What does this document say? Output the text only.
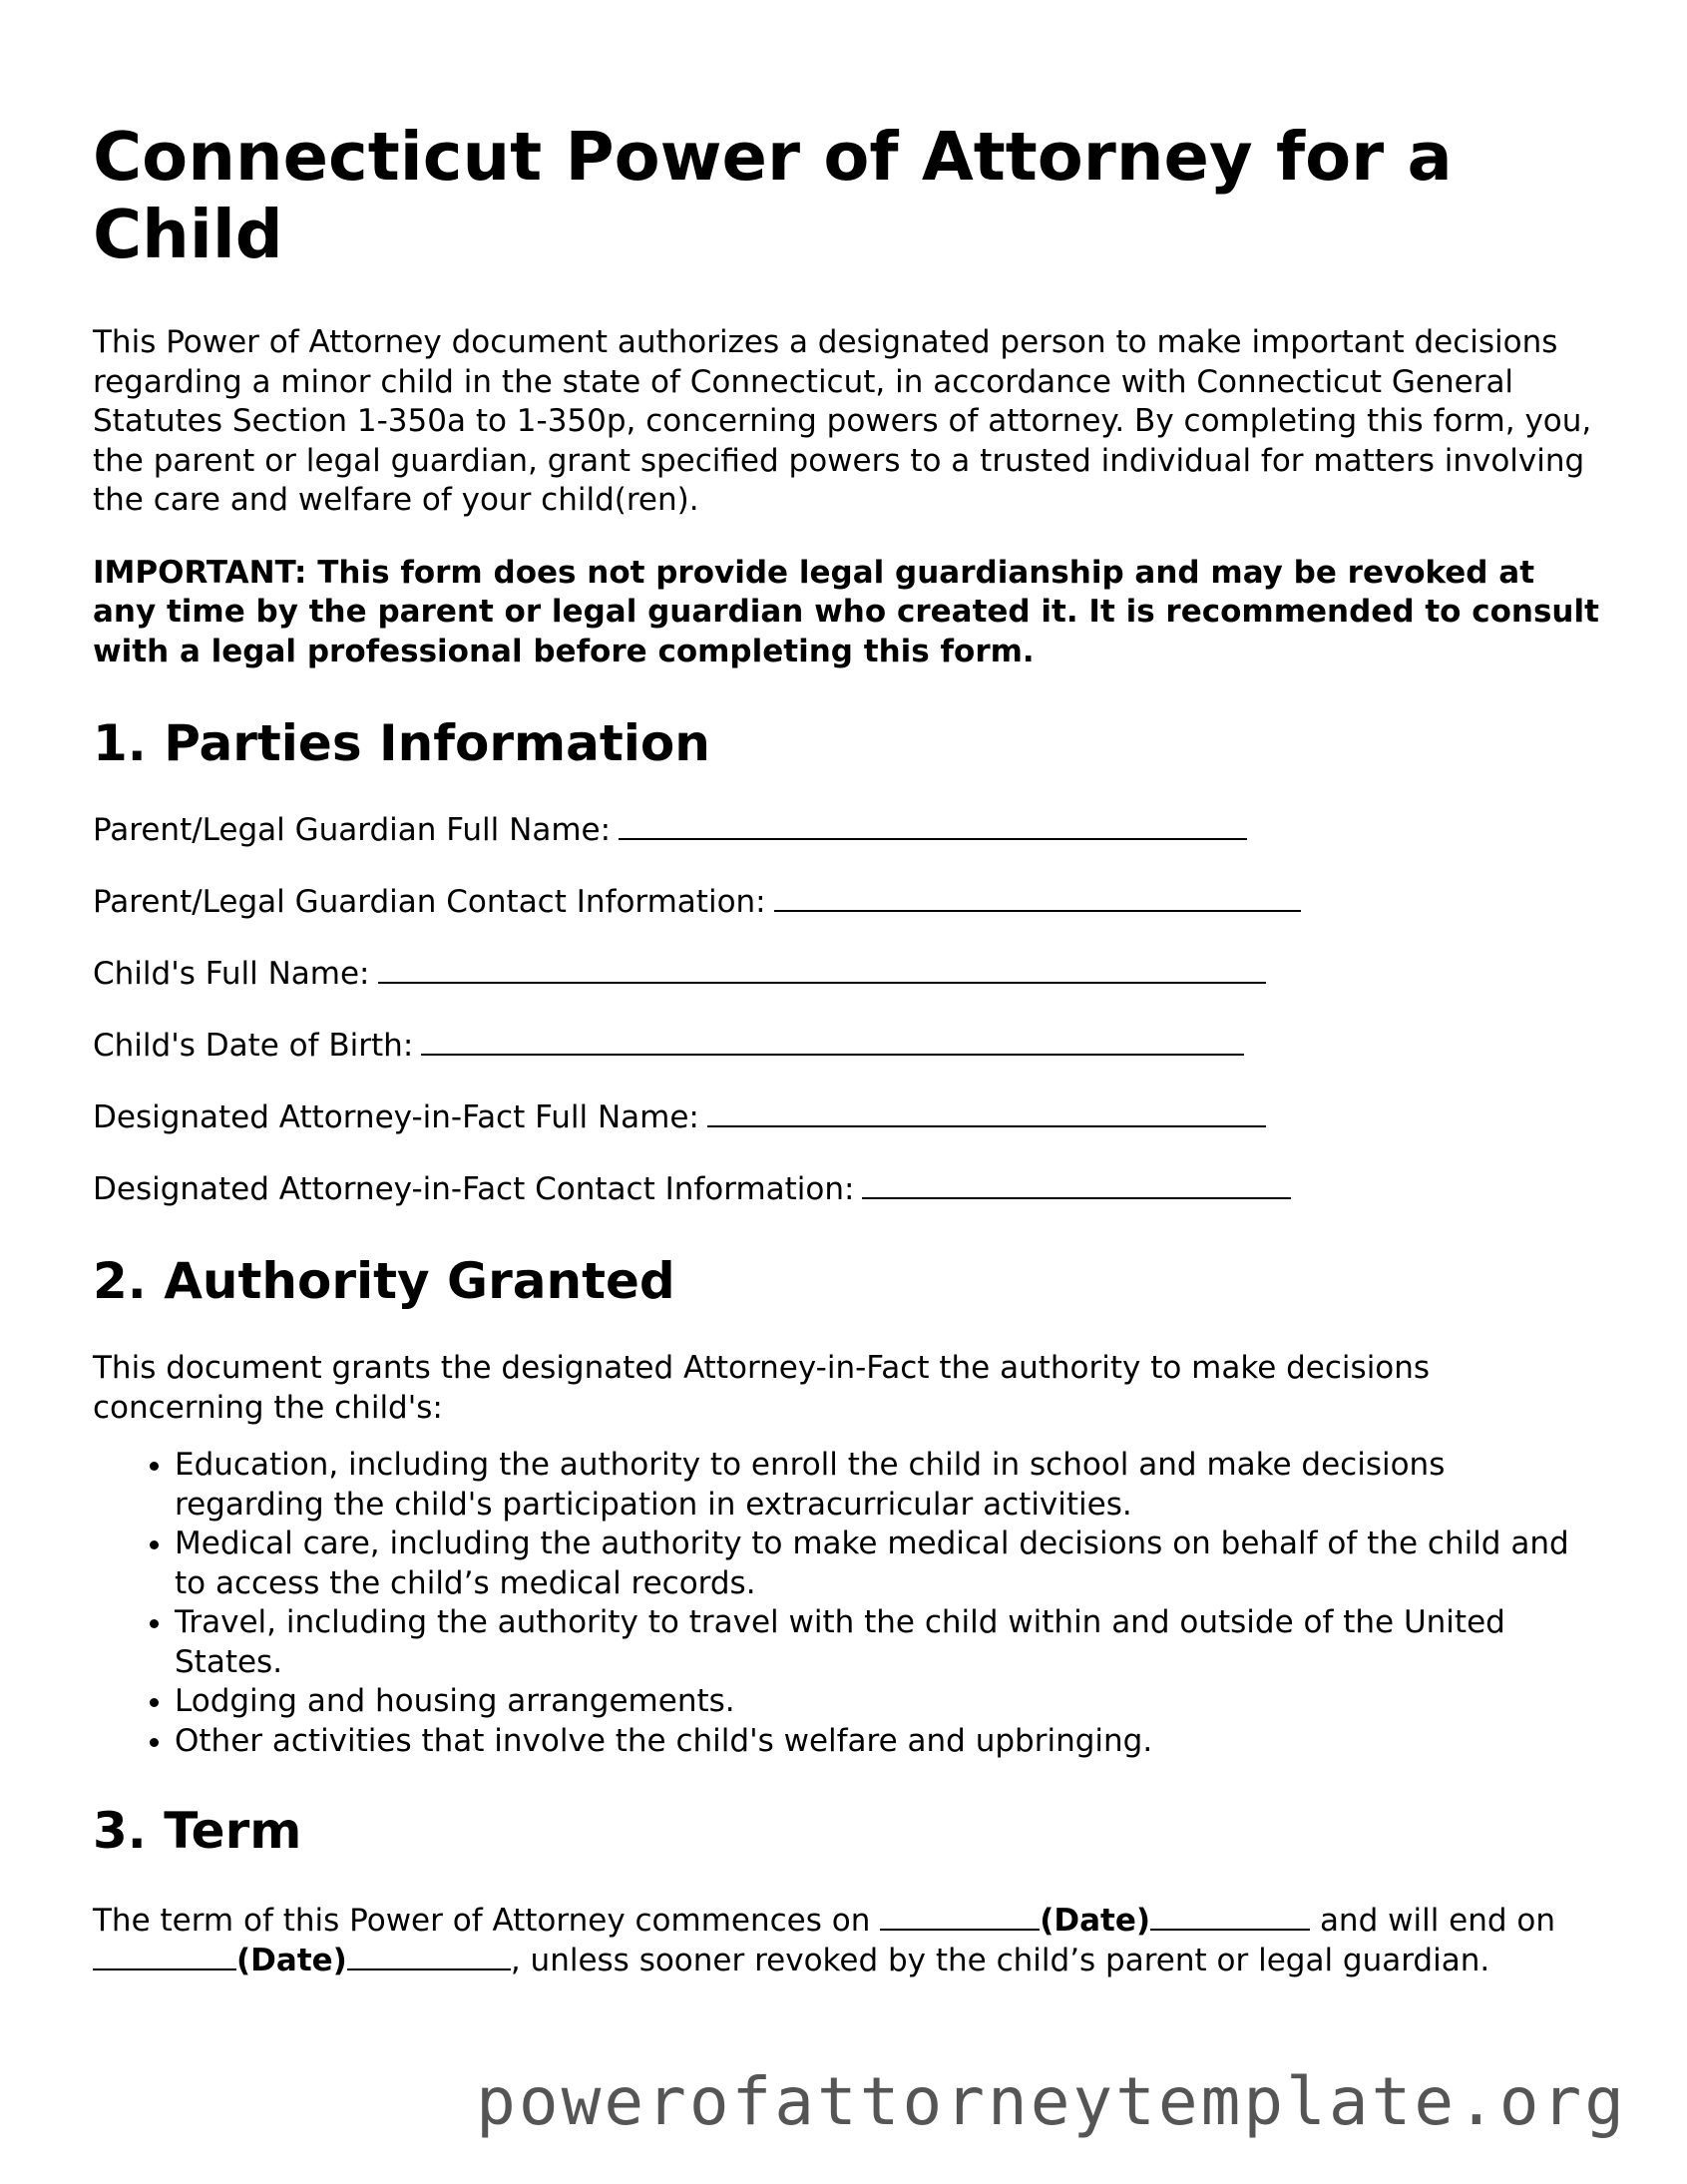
Connecticut Power of Attorney for a Child

This Power of Attorney document authorizes a designated person to make important decisions regarding a minor child in the state of Connecticut, in accordance with Connecticut General Statutes Section 1-350a to 1-350p, concerning powers of attorney. By completing this form, you, the parent or legal guardian, grant specified powers to a trusted individual for matters involving the care and welfare of your child(ren).

IMPORTANT: This form does not provide legal guardianship and may be revoked at any time by the parent or legal guardian who created it. It is recommended to consult with a legal professional before completing this form.

1. Parties Information
Parent/Legal Guardian Full Name:
Parent/Legal Guardian Contact Information:
Child's Full Name:
Child's Date of Birth:
Designated Attorney-in-Fact Full Name:
Designated Attorney-in-Fact Contact Information:
2. Authority Granted

This document grants the designated Attorney-in-Fact the authority to make decisions concerning the child's:

• Education, including the authority to enroll the child in school and make decisions regarding the child's participation in extracurricular activities.
• Medical care, including the authority to make medical decisions on behalf of the child and to access the child’s medical records.
• Travel, including the authority to travel with the child within and outside of the United States.
• Lodging and housing arrangements.
• Other activities that involve the child's welfare and upbringing.
3. Term
The term of this Power of Attorney commences on	(Date)	and will end on (Date)	, unless sooner revoked by the child’s parent or legal guardian.
powerofattorneytemplate.org
